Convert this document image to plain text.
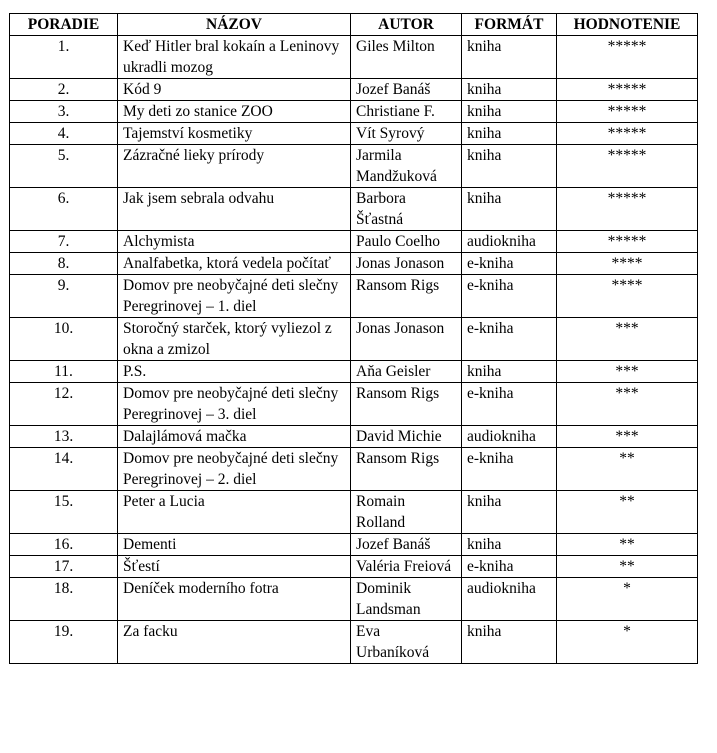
PORADIE	NÁZOV	AUTOR	FORMÁT	HODNOTENIE
1.	Keď Hitler bral kokaín a Leninovy ukradli mozog	Giles Milton	kniha	*****
2.	Kód 9	Jozef Banáš	kniha	*****
3.	My deti zo stanice ZOO	Christiane F.	kniha	*****
4.	Tajemství kosmetiky	Vít Syrový	kniha	*****
5.	Zázračné lieky prírody	Jarmila Mandžuková	kniha	*****
6.	Jak jsem sebrala odvahu	Barbora Šťastná	kniha	*****
7.	Alchymista	Paulo Coelho	audiokniha	*****
8.	Analfabetka, ktorá vedela počítať	Jonas Jonason	e-kniha	****
9.	Domov pre neobyčajné deti slečny Peregrinovej – 1. diel	Ransom Rigs	e-kniha	****
10.	Storočný starček, ktorý vyliezol z okna a zmizol	Jonas Jonason	e-kniha	***
11.	P.S.	Aňa Geisler	kniha	***
12.	Domov pre neobyčajné deti slečny Peregrinovej – 3. diel	Ransom Rigs	e-kniha	***
13.	Dalajlámová mačka	David Michie	audiokniha	***
14.	Domov pre neobyčajné deti slečny Peregrinovej – 2. diel	Ransom Rigs	e-kniha	**
15.	Peter a Lucia	Romain Rolland	kniha	**
16.	Dementi	Jozef Banáš	kniha	**
17.	Šťestí	Valéria Freiová	e-kniha	**
18.	Deníček moderního fotra	Dominik Landsman	audiokniha	*
19.	Za facku	Eva Urbaníková	kniha	*
